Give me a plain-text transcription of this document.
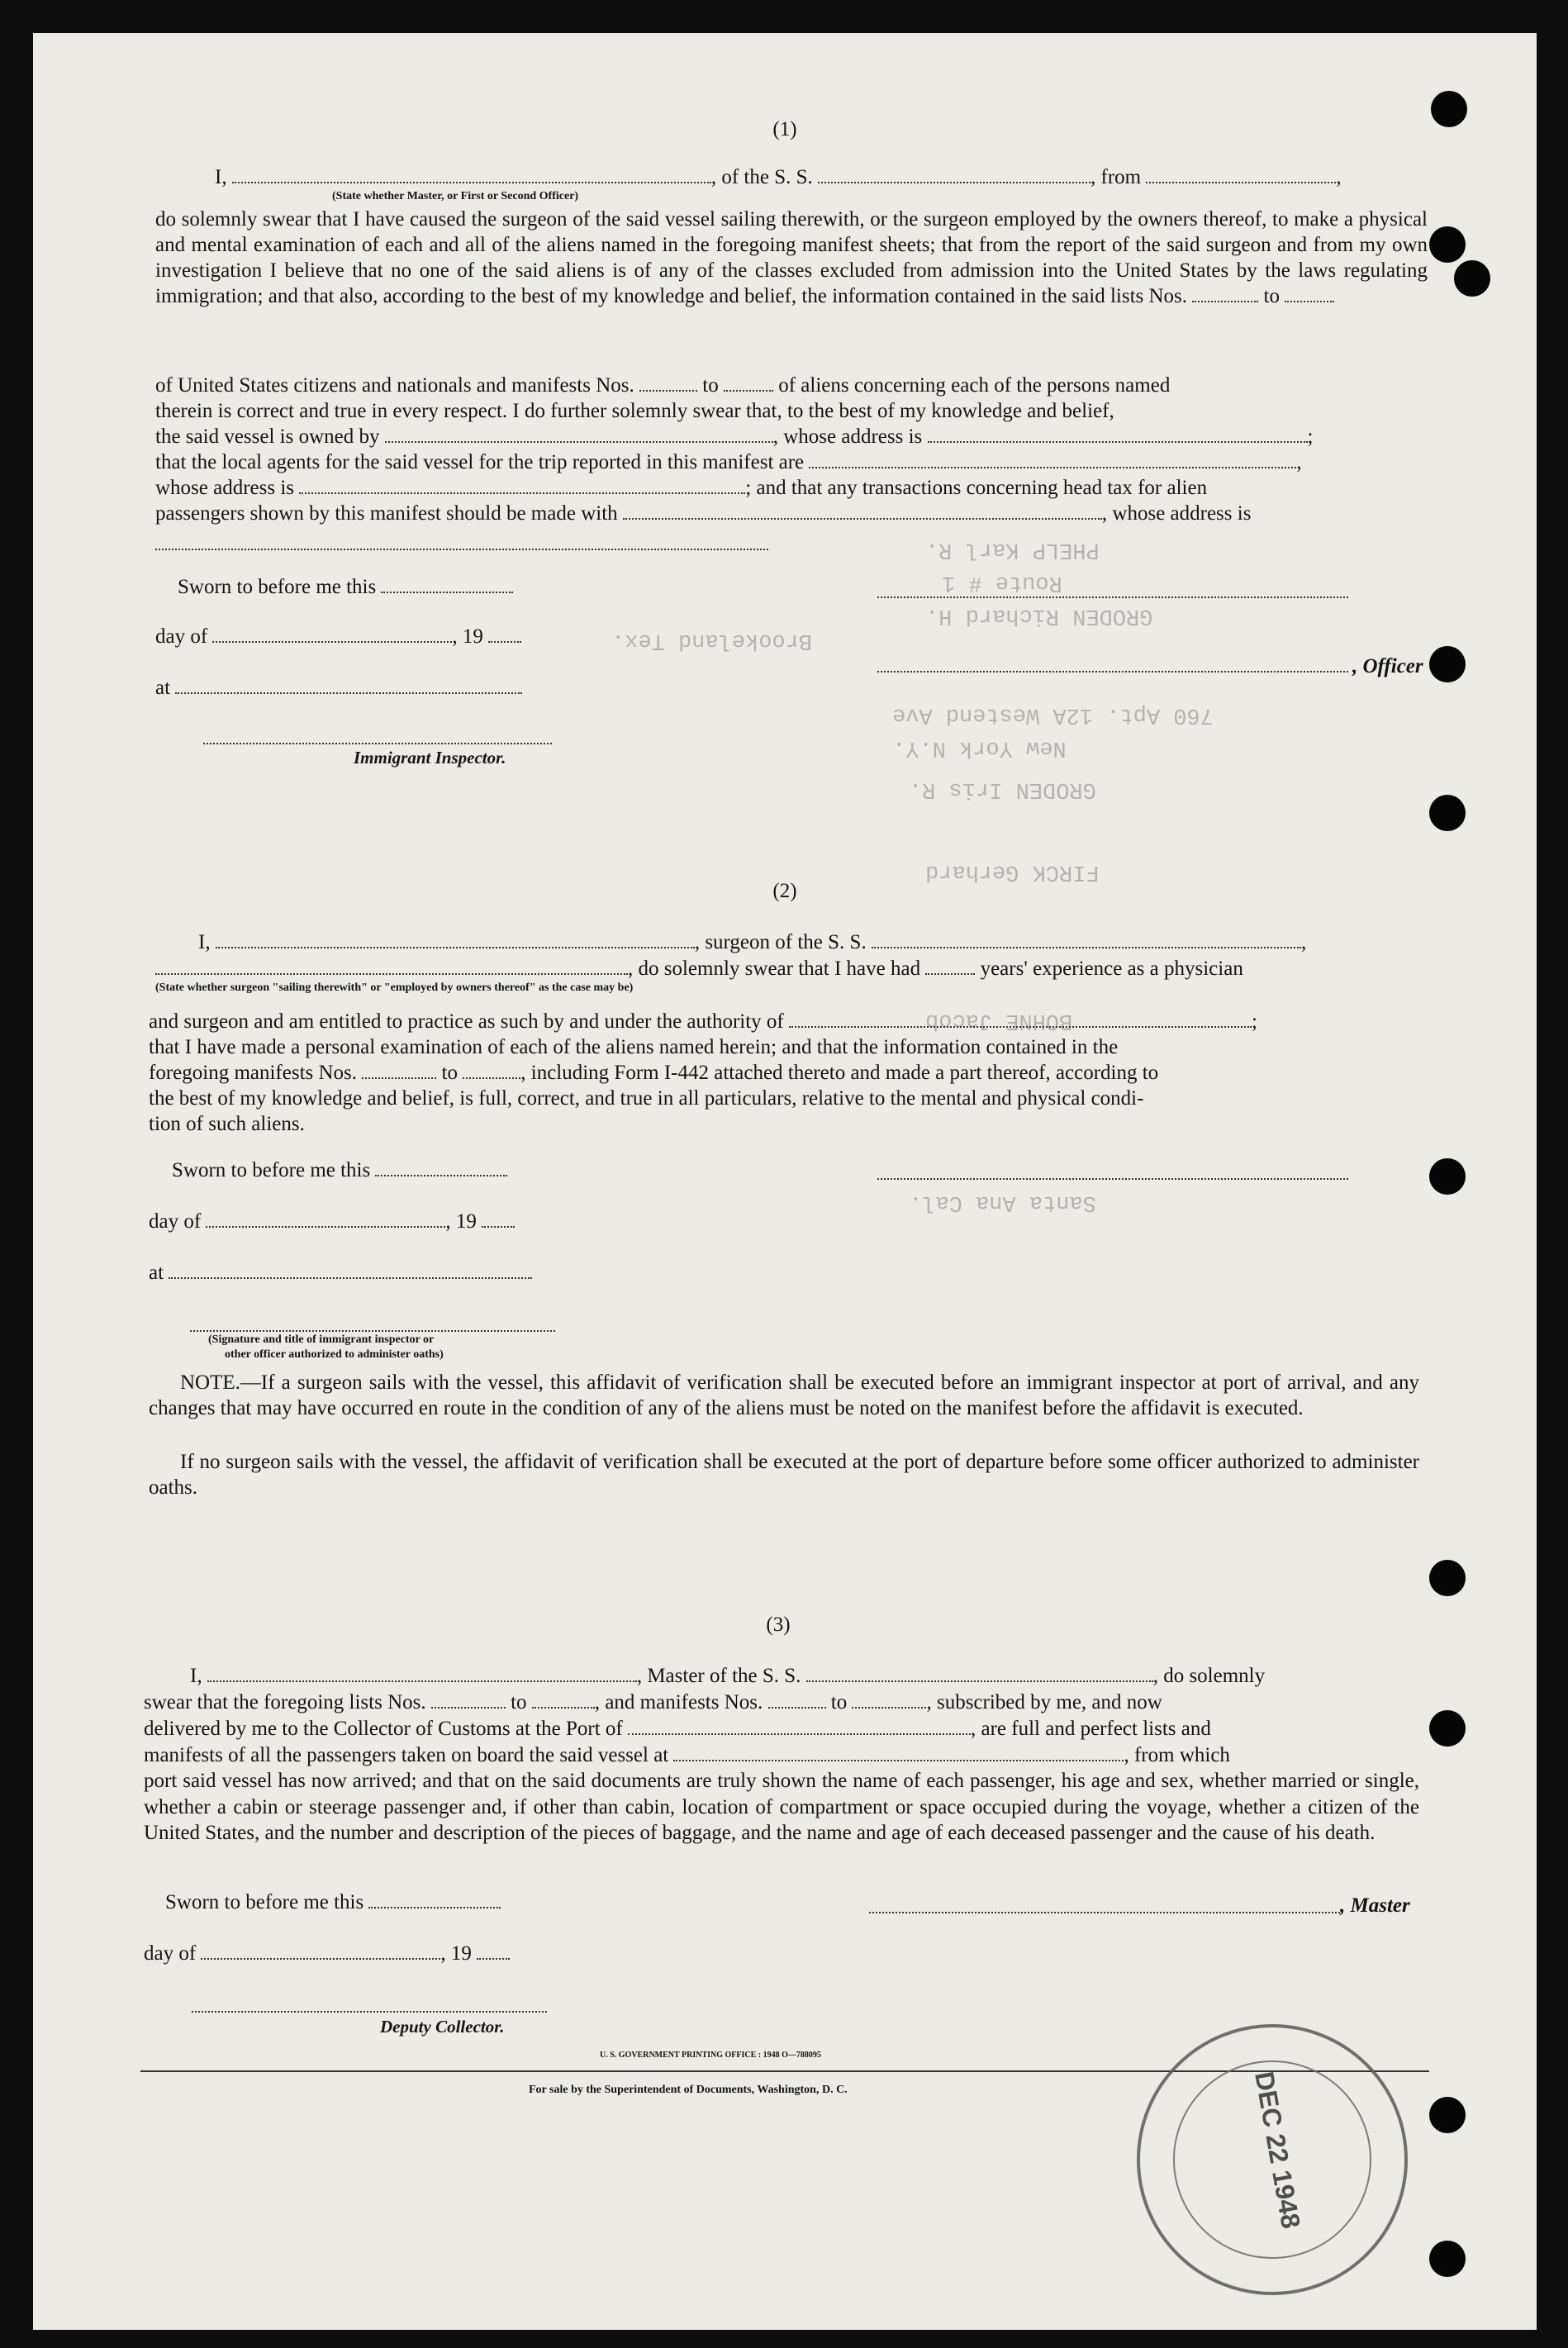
Brookeland Tex.
PHELP Karl R.
Route # 1
GRODEN Richard H.
760 Apt. 12A Westend Ave
New York N.Y.
GRODEN Iris R.
FIRCK Gerhard
BOHNE Jacob
Santa Ana Cal.
(1)
I,	, of the S. S.	, from	,
(State whether Master, or First or Second Officer)
do solemnly swear that I have caused the surgeon of the said vessel sailing therewith, or the surgeon employed by the owners thereof, to make a physical and mental examination of each and all of the aliens named in the foregoing manifest sheets; that from the report of the said surgeon and from my own investigation I believe that no one of the said aliens is of any of the classes excluded from admission into the United States by the laws regulating immigration; and that also, according to the best of my knowledge and belief, the information contained in the said lists Nos.	to
of United States citizens and nationals and manifests Nos.	to	of aliens concerning each of the persons named
therein is correct and true in every respect. I do further solemnly swear that, to the best of my knowledge and belief,
the said vessel is owned by	, whose address is	;
that the local agents for the said vessel for the trip reported in this manifest are	,
whose address is	; and that any transactions concerning head tax for alien
passengers shown by this manifest should be made with	, whose address is
Sworn to before me this
day of	, 19
, Officer
at
Immigrant Inspector.
(2)
I,	, surgeon of the S. S.	,
, do solemnly swear that I have had	years' experience as a physician
(State whether surgeon "sailing therewith" or "employed by owners thereof" as the case may be)
and surgeon and am entitled to practice as such by and under the authority of	;
that I have made a personal examination of each of the aliens named herein; and that the information contained in the
foregoing manifests Nos.	to	, including Form I-442 attached thereto and made a part thereof, according to
the best of my knowledge and belief, is full, correct, and true in all particulars, relative to the mental and physical condi-
tion of such aliens.
Sworn to before me this
day of	, 19
at
(Signature and title of immigrant inspector or
other officer authorized to administer oaths)
NOTE.—If a surgeon sails with the vessel, this affidavit of verification shall be executed before an immigrant inspector at port of arrival, and any changes that may have occurred en route in the condition of any of the aliens must be noted on the manifest before the affidavit is executed.
If no surgeon sails with the vessel, the affidavit of verification shall be executed at the port of departure before some officer authorized to administer oaths.
(3)
I,	, Master of the S. S.	, do solemnly
swear that the foregoing lists Nos.	to	, and manifests Nos.	to	, subscribed by me, and now
delivered by me to the Collector of Customs at the Port of	, are full and perfect lists and
manifests of all the passengers taken on board the said vessel at	, from which
port said vessel has now arrived; and that on the said documents are truly shown the name of each passenger, his age and sex, whether married or single, whether a cabin or steerage passenger and, if other than cabin, location of compartment or space occupied during the voyage, whether a citizen of the United States, and the number and description of the pieces of baggage, and the name and age of each deceased passenger and the cause of his death.
Sworn to before me this	, Master
day of	, 19
Deputy Collector.
U. S. GOVERNMENT PRINTING OFFICE : 1948 O—788095
For sale by the Superintendent of Documents, Washington, D. C.	DEC 22 1948
